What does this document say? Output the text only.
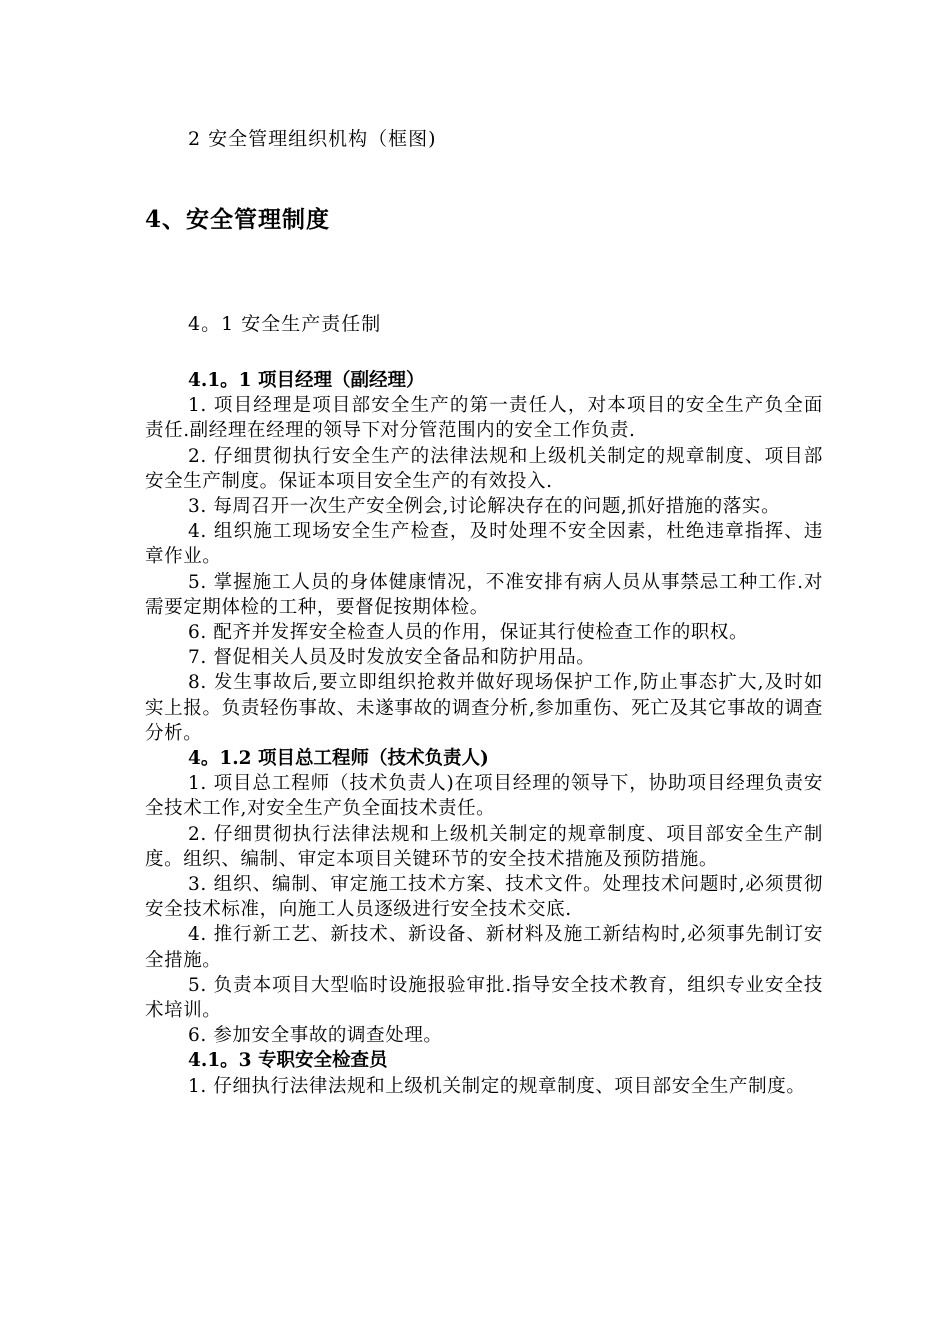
2 安全管理组织机构（框图)
4、安全管理制度
4。1 安全生产责任制
4.1。1 项目经理（副经理）

1. 项目经理是项目部安全生产的第一责任人，对本项目的安全生产负全面责任.副经理在经理的领导下对分管范围内的安全工作负责.

2. 仔细贯彻执行安全生产的法律法规和上级机关制定的规章制度、项目部安全生产制度。保证本项目安全生产的有效投入.

3. 每周召开一次生产安全例会,讨论解决存在的问题,抓好措施的落实。

4. 组织施工现场安全生产检查，及时处理不安全因素，杜绝违章指挥、违章作业。

5. 掌握施工人员的身体健康情况，不准安排有病人员从事禁忌工种工作.对需要定期体检的工种，要督促按期体检。

6. 配齐并发挥安全检查人员的作用，保证其行使检查工作的职权。

7. 督促相关人员及时发放安全备品和防护用品。

8. 发生事故后,要立即组织抢救并做好现场保护工作,防止事态扩大,及时如实上报。负责轻伤事故、未遂事故的调查分析,参加重伤、死亡及其它事故的调查分析。

4。1.2 项目总工程师（技术负责人)

1. 项目总工程师（技术负责人)在项目经理的领导下，协助项目经理负责安全技术工作,对安全生产负全面技术责任。

2. 仔细贯彻执行法律法规和上级机关制定的规章制度、项目部安全生产制度。组织、编制、审定本项目关键环节的安全技术措施及预防措施。

3. 组织、编制、审定施工技术方案、技术文件。处理技术问题时,必须贯彻安全技术标准，向施工人员逐级进行安全技术交底.

4. 推行新工艺、新技术、新设备、新材料及施工新结构时,必须事先制订安全措施。

5. 负责本项目大型临时设施报验审批.指导安全技术教育，组织专业安全技术培训。

6. 参加安全事故的调查处理。

4.1。3 专职安全检查员

1. 仔细执行法律法规和上级机关制定的规章制度、项目部安全生产制度。
